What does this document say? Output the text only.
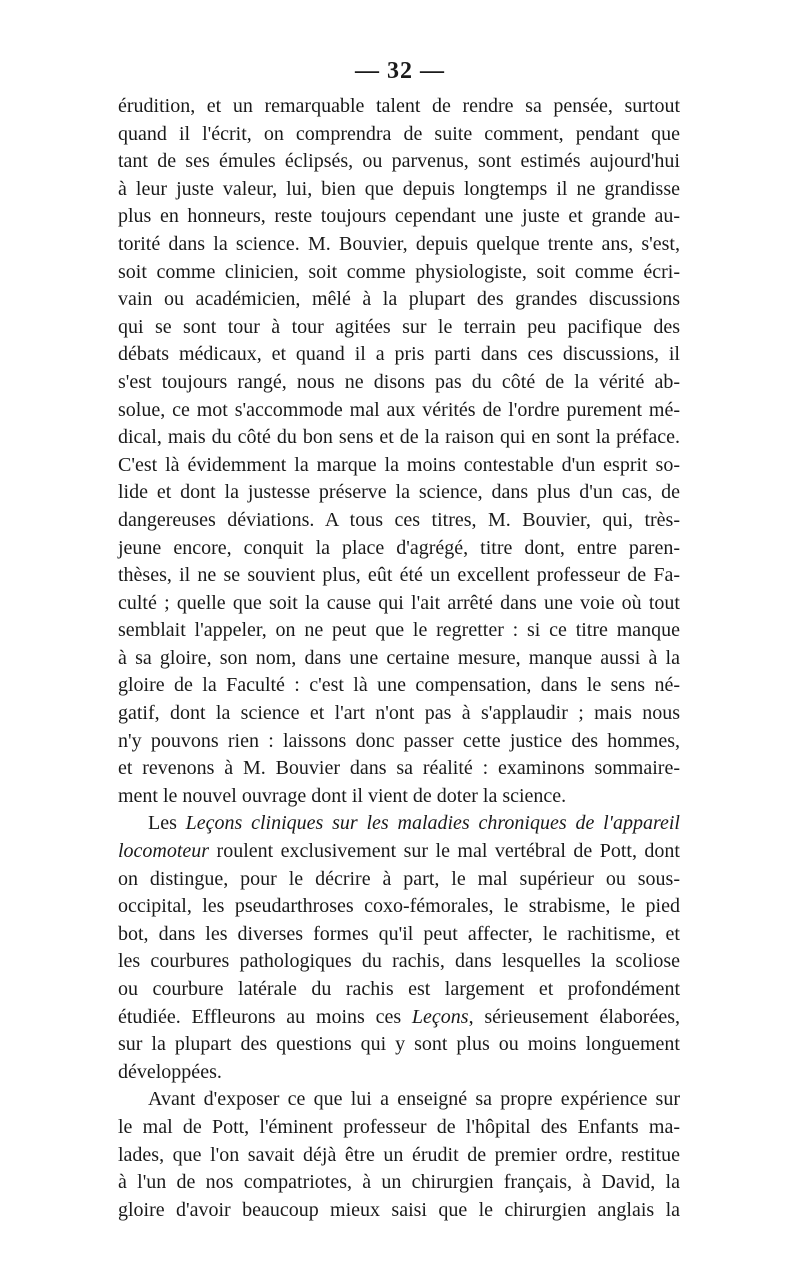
— 32 —
érudition, et un remarquable talent de rendre sa pensée, surtout
quand il l'écrit, on comprendra de suite comment, pendant que
tant de ses émules éclipsés, ou parvenus, sont estimés aujourd'hui
à leur juste valeur, lui, bien que depuis longtemps il ne grandisse
plus en honneurs, reste toujours cependant une juste et grande au-
torité dans la science. M. Bouvier, depuis quelque trente ans, s'est,
soit comme clinicien, soit comme physiologiste, soit comme écri-
vain ou académicien, mêlé à la plupart des grandes discussions
qui se sont tour à tour agitées sur le terrain peu pacifique des
débats médicaux, et quand il a pris parti dans ces discussions, il
s'est toujours rangé, nous ne disons pas du côté de la vérité ab-
solue, ce mot s'accommode mal aux vérités de l'ordre purement mé-
dical, mais du côté du bon sens et de la raison qui en sont la préface.
C'est là évidemment la marque la moins contestable d'un esprit so-
lide et dont la justesse préserve la science, dans plus d'un cas, de
dangereuses déviations. A tous ces titres, M. Bouvier, qui, très-
jeune encore, conquit la place d'agrégé, titre dont, entre paren-
thèses, il ne se souvient plus, eût été un excellent professeur de Fa-
culté ; quelle que soit la cause qui l'ait arrêté dans une voie où tout
semblait l'appeler, on ne peut que le regretter : si ce titre manque
à sa gloire, son nom, dans une certaine mesure, manque aussi à la
gloire de la Faculté : c'est là une compensation, dans le sens né-
gatif, dont la science et l'art n'ont pas à s'applaudir ; mais nous
n'y pouvons rien : laissons donc passer cette justice des hommes,
et revenons à M. Bouvier dans sa réalité : examinons sommaire-
ment le nouvel ouvrage dont il vient de doter la science.
Les Leçons cliniques sur les maladies chroniques de l'appareil
locomoteur roulent exclusivement sur le mal vertébral de Pott, dont
on distingue, pour le décrire à part, le mal supérieur ou sous-
occipital, les pseudarthroses coxo-fémorales, le strabisme, le pied
bot, dans les diverses formes qu'il peut affecter, le rachitisme, et
les courbures pathologiques du rachis, dans lesquelles la scoliose
ou courbure latérale du rachis est largement et profondément
étudiée. Effleurons au moins ces Leçons, sérieusement élaborées,
sur la plupart des questions qui y sont plus ou moins longuement
développées.
Avant d'exposer ce que lui a enseigné sa propre expérience sur
le mal de Pott, l'éminent professeur de l'hôpital des Enfants ma-
lades, que l'on savait déjà être un érudit de premier ordre, restitue
à l'un de nos compatriotes, à un chirurgien français, à David, la
gloire d'avoir beaucoup mieux saisi que le chirurgien anglais la
